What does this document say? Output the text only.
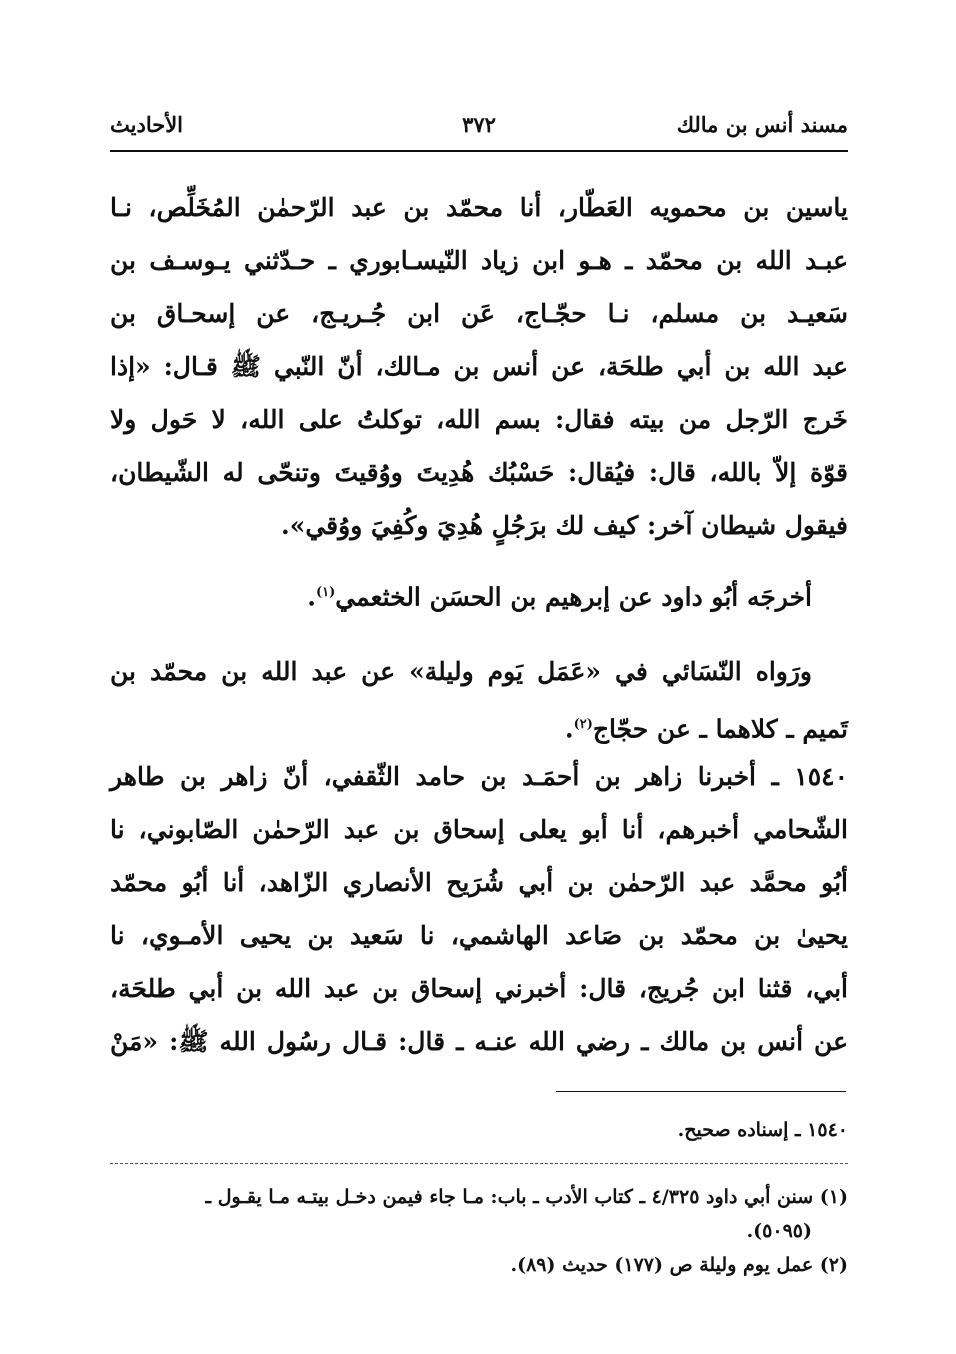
مسند أنس بن مالك
٣٧٢
الأحاديث
ياسين بن محمويه العَطّار، أنا محمّد بن عبد الرّحمٰن المُخَلِّص، نـا
عبـد الله بن محمّد ـ هـو ابن زياد النّيسـابوري ـ حـدّثني يـوسـف بن
سَعيـد بن مسلم، نـا حجّـاج، عَن ابن جُـريـج، عن إسحـاق بن
عبد الله بن أبي طلحَة، عن أنس بن مـالك، أنّ النّبي ﷺ قـال: «إذا
خَرج الرّجل من بيته فقال: بسم الله، توكلتُ على الله، لا حَول ولا
قوّة إلاّ بالله، قال: فيُقال: حَسْبُك هُدِيتَ ووُقيتَ وتنحّى له الشّيطان،
فيقول شيطان آخر: كيف لك برَجُلٍ هُدِيَ وكُفِيَ ووُقي».
أخرجَه أبُو داود عن إبرهيم بن الحسَن الخثعمي$^{(١)}$.
ورَواه النّسَائي في «عَمَل يَوم وليلة» عن عبد الله بن محمّد بن
تَميم ـ كلاهما ـ عن حجّاج$^{(٢)}$.
١٥٤٠ ـ أخبرنا زاهر بن أحمَـد بن حامد الثّقفي، أنّ زاهر بن طاهر
الشّحامي أخبرهم، أنا أبو يعلى إسحاق بن عبد الرّحمٰن الصّابوني، نا
أبُو محمَّد عبد الرّحمٰن بن أبي شُرَيح الأنصاري الزّاهد، أنا أبُو محمّد
يحيىٰ بن محمّد بن صَاعد الهاشمي، نا سَعيد بن يحيى الأمـوي، نا
أبي، قثنا ابن جُريج، قال: أخبرني إسحاق بن عبد الله بن أبي طلحَة،
عن أنس بن مالك ـ رضي الله عنـه ـ قال: قـال رسُول الله ﷺ: «مَنْ
١٥٤٠ ـ إسناده صحيح.
(١) سنن أبي داود ٤/٣٢٥ ـ كتاب الأدب ـ باب: مـا جاء فيمن دخـل بيتـه مـا يقـول ـ
(٥٠٩٥).
(٢) عمل يوم وليلة ص (١٧٧) حديث (٨٩).
